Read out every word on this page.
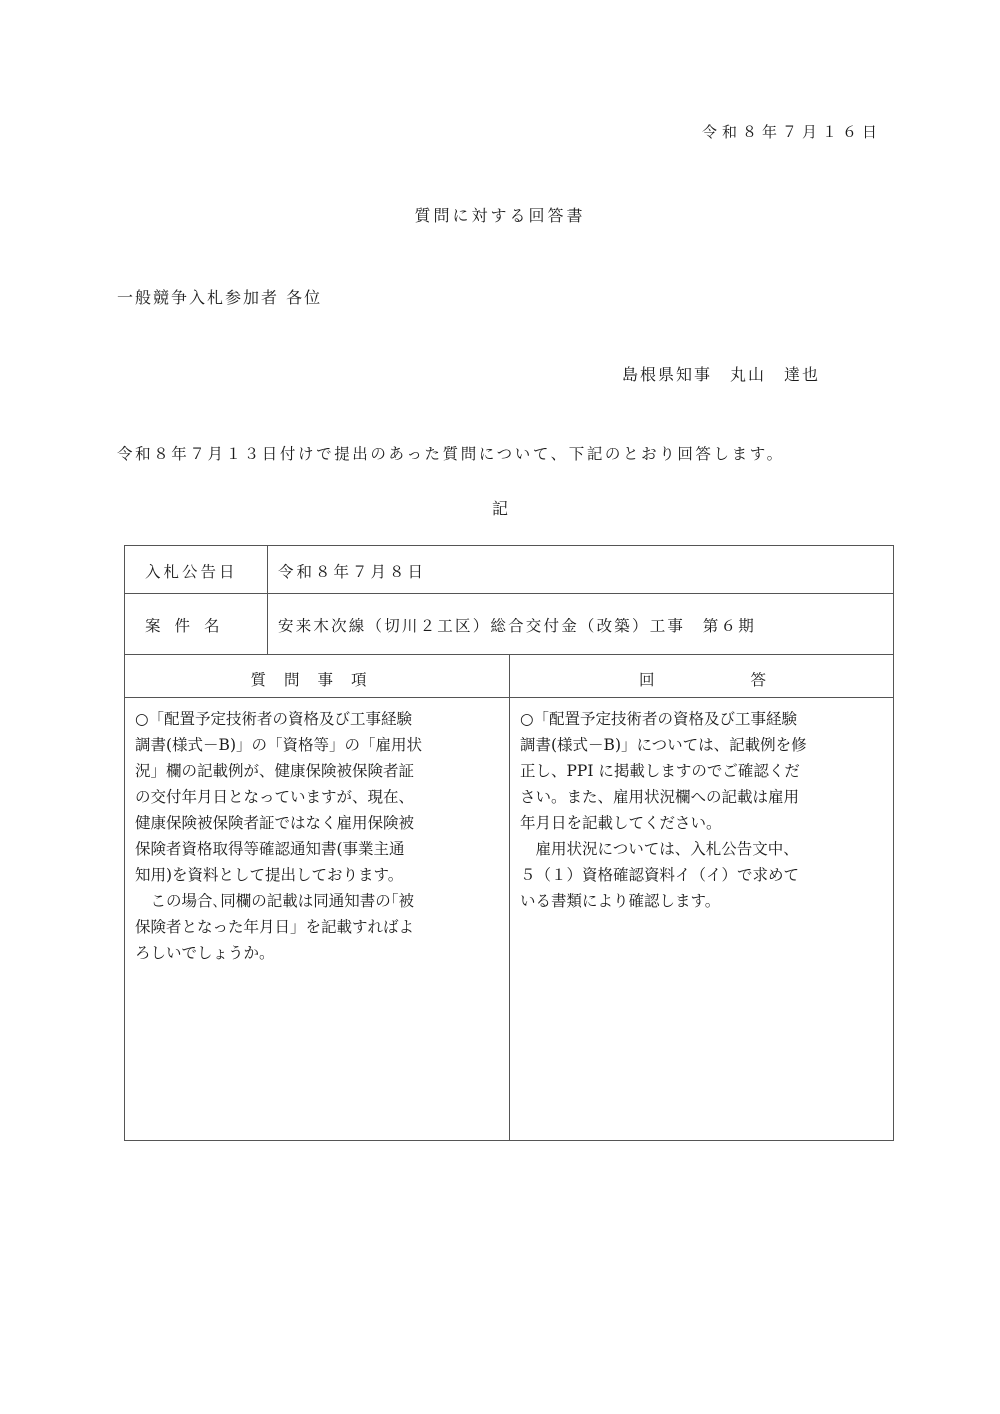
令和８年７月１６日
質問に対する回答書
一般競争入札参加者 各位
島根県知事　丸山　達也
令和８年７月１３日付けで提出のあった質問について、下記のとおり回答します。
記
入札公告日	令和８年７月８日
案件名	安来木次線（切川２工区）総合交付金（改築）工事　第６期
質問事項	回答
○「配置予定技術者の資格及び工事経験
調書(様式－B)」の「資格等」の「雇用状
況」欄の記載例が、健康保険被保険者証
の交付年月日となっていますが、現在、
健康保険被保険者証ではなく雇用保険被
保険者資格取得等確認通知書(事業主通
知用)を資料として提出しております。
　この場合､同欄の記載は同通知書の｢被
保険者となった年月日」を記載すればよ
ろしいでしょうか。
○「配置予定技術者の資格及び工事経験
調書(様式－B)」については、記載例を修
正し、PPI に掲載しますのでご確認くだ
さい。また、雇用状況欄への記載は雇用
年月日を記載してください。
　雇用状況については、入札公告文中、
５（１）資格確認資料イ（イ）で求めて
いる書類により確認します。
